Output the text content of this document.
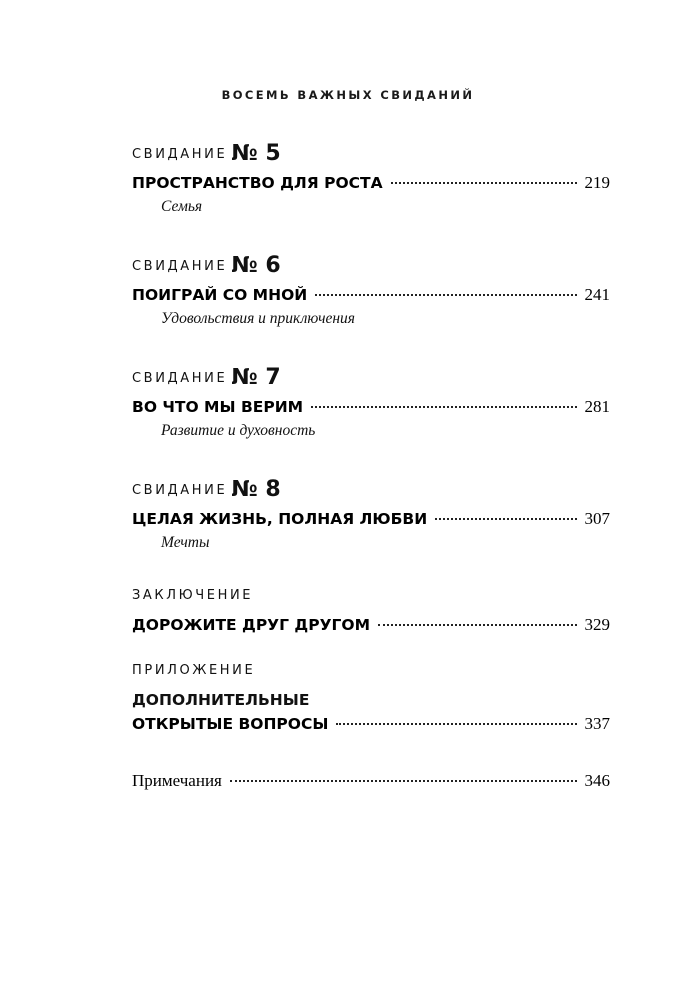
ВОСЕМЬ ВАЖНЫХ СВИДАНИЙ
СВИДАНИЕ № 5
ПРОСТРАНСТВО ДЛЯ РОСТА	219
Семья
СВИДАНИЕ № 6
ПОИГРАЙ СО МНОЙ	241
Удовольствия и приключения
СВИДАНИЕ № 7
ВО ЧТО МЫ ВЕРИМ	281
Развитие и духовность
СВИДАНИЕ № 8
ЦЕЛАЯ ЖИЗНЬ, ПОЛНАЯ ЛЮБВИ	307
Мечты
ЗАКЛЮЧЕНИЕ
ДОРОЖИТЕ ДРУГ ДРУГОМ	329
ПРИЛОЖЕНИЕ
ДОПОЛНИТЕЛЬНЫЕ
ОТКРЫТЫЕ ВОПРОСЫ	337
Примечания	346
